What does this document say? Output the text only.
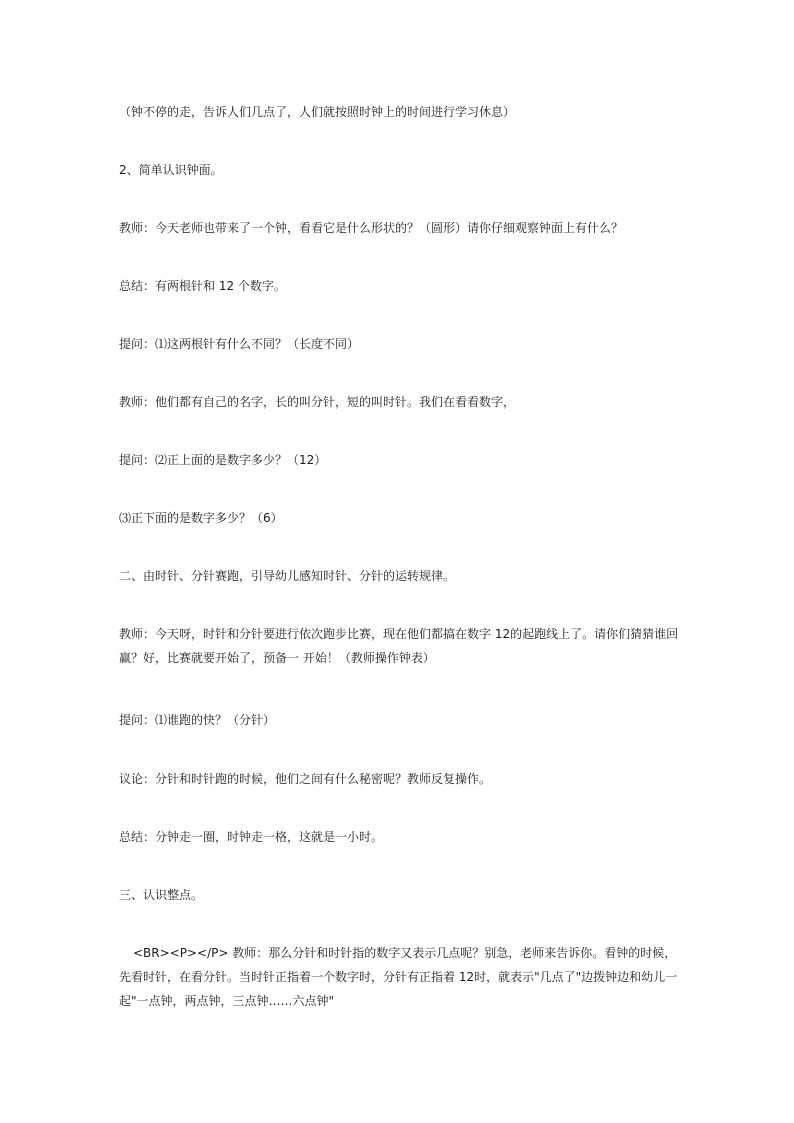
（钟不停的走，告诉人们几点了，人们就按照时钟上的时间进行学习休息）

2、简单认识钟面。

教师：今天老师也带来了一个钟，看看它是什么形状的？（圆形）请你仔细观察钟面上有什么？

总结：有两根针和 12 个数字。

提问：⑴这两根针有什么不同？（长度不同）

教师：他们都有自己的名字，长的叫分针，短的叫时针。我们在看看数字，

提问：⑵正上面的是数字多少？（12）

⑶正下面的是数字多少？（6）

二、由时针、分针赛跑，引导幼儿感知时针、分针的运转规律。

教师：今天呀，时针和分针要进行依次跑步比赛，现在他们都搞在数字 12的起跑线上了。请你们猜猜谁回赢？好，比赛就要开始了，预备一 开始！（教师操作钟表）

提问：⑴谁跑的快？（分针）

议论：分针和时针跑的时候，他们之间有什么秘密呢？教师反复操作。

总结：分钟走一圈，时钟走一格，这就是一小时。

三、认识整点。

<BR><P></P> 教师：那么分针和时针指的数字又表示几点呢？别急，老师来告诉你。看钟的时候，先看时针，在看分针。当时针正指着一个数字时，分针有正指着 12时，就表示"几点了"边拨钟边和幼儿一起"一点钟，两点钟，三点钟……六点钟"
